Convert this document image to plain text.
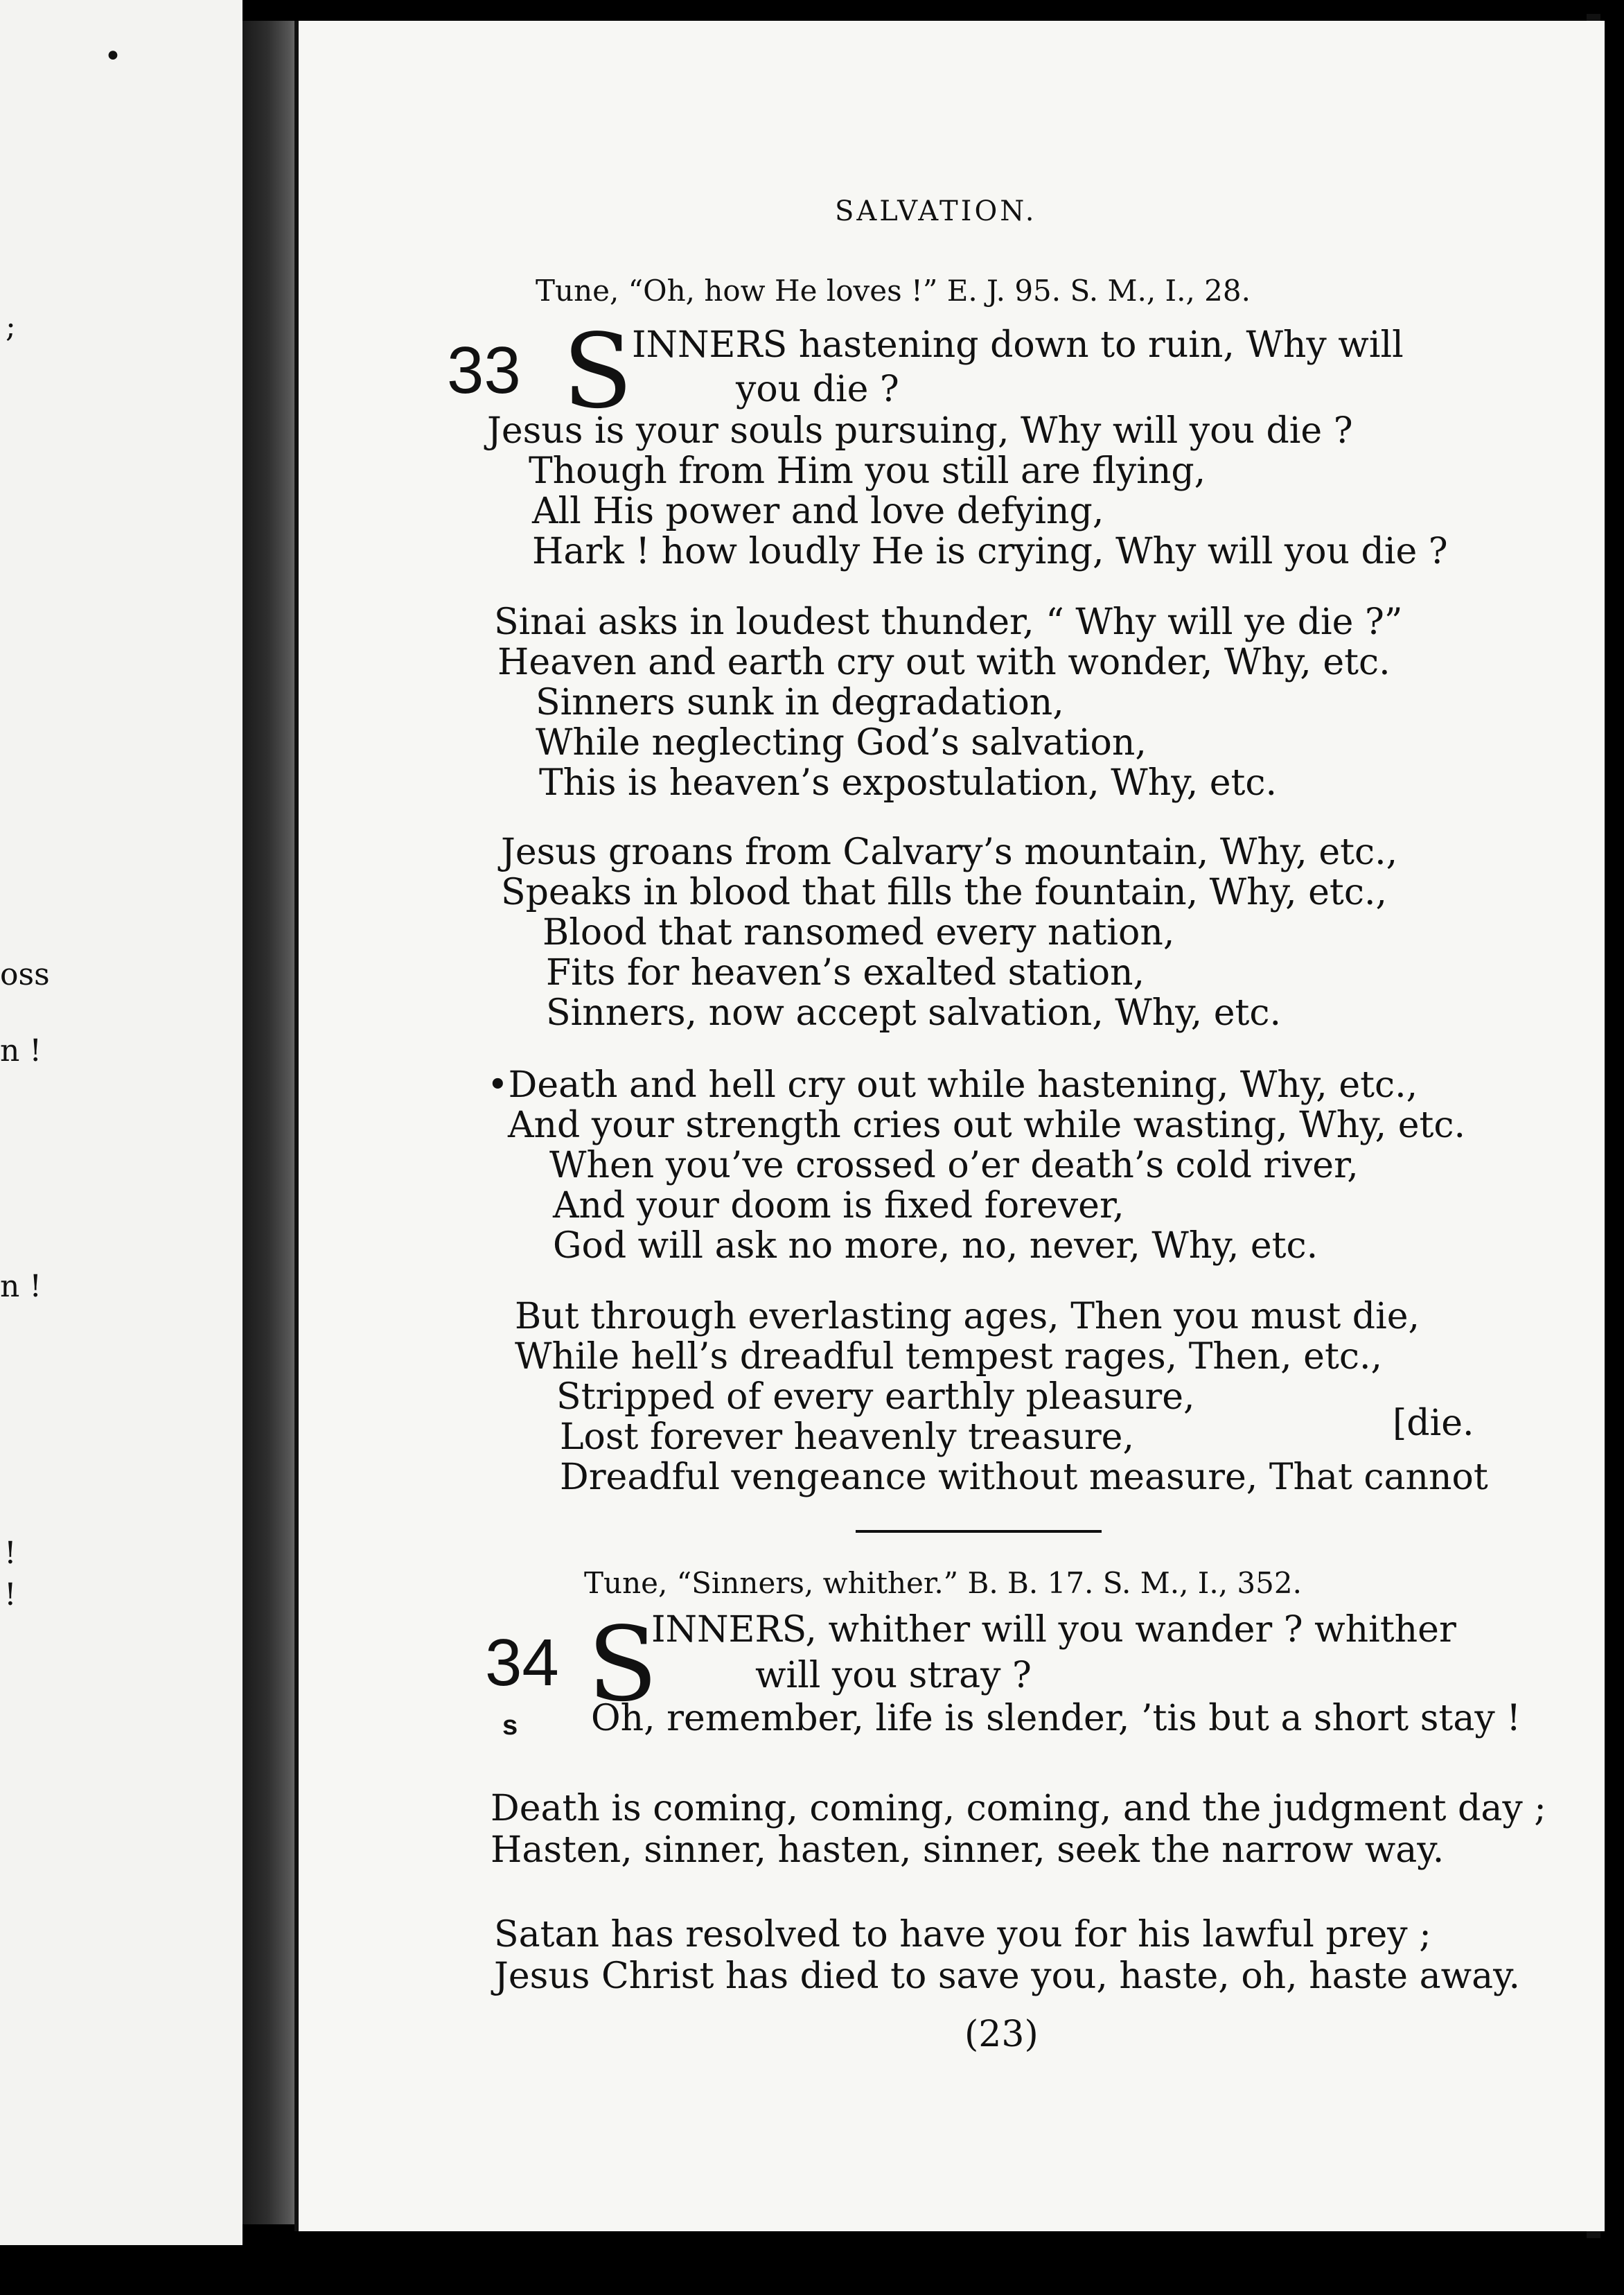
•
;
oss
n !
n !
!
!
SALVATION.
Tune, “Oh, how He loves !” E. J. 95. S. M., I., 28.
33 S
INNERS hastening down to ruin, Why will
you die ?
Jesus is your souls pursuing, Why will you die ?
Though from Him you still are flying,
All His power and love defying,
Hark ! how loudly He is crying, Why will you die ?
Sinai asks in loudest thunder, “ Why will ye die ?”
Heaven and earth cry out with wonder, Why, etc.
Sinners sunk in degradation,
While neglecting God’s salvation,
This is heaven’s expostulation, Why, etc.
Jesus groans from Calvary’s mountain, Why, etc.,
Speaks in blood that fills the fountain, Why, etc.,
Blood that ransomed every nation,
Fits for heaven’s exalted station,
Sinners, now accept salvation, Why, etc.
•Death and hell cry out while hastening, Why, etc.,
And your strength cries out while wasting, Why, etc.
When you’ve crossed o’er death’s cold river,
And your doom is fixed forever,
God will ask no more, no, never, Why, etc.
But through everlasting ages, Then you must die,
While hell’s dreadful tempest rages, Then, etc.,
Stripped of every earthly pleasure,
Lost forever heavenly treasure,	[die.
Dreadful vengeance without measure, That cannot
Tune, “Sinners, whither.” B. B. 17. S. M., I., 352.
34 S
INNERS, whither will you wander ? whither
will you stray ?
s Oh, remember, life is slender, ’tis but a short stay !
Death is coming, coming, coming, and the judgment day ;
Hasten, sinner, hasten, sinner, seek the narrow way.
Satan has resolved to have you for his lawful prey ;
Jesus Christ has died to save you, haste, oh, haste away.
(23)
